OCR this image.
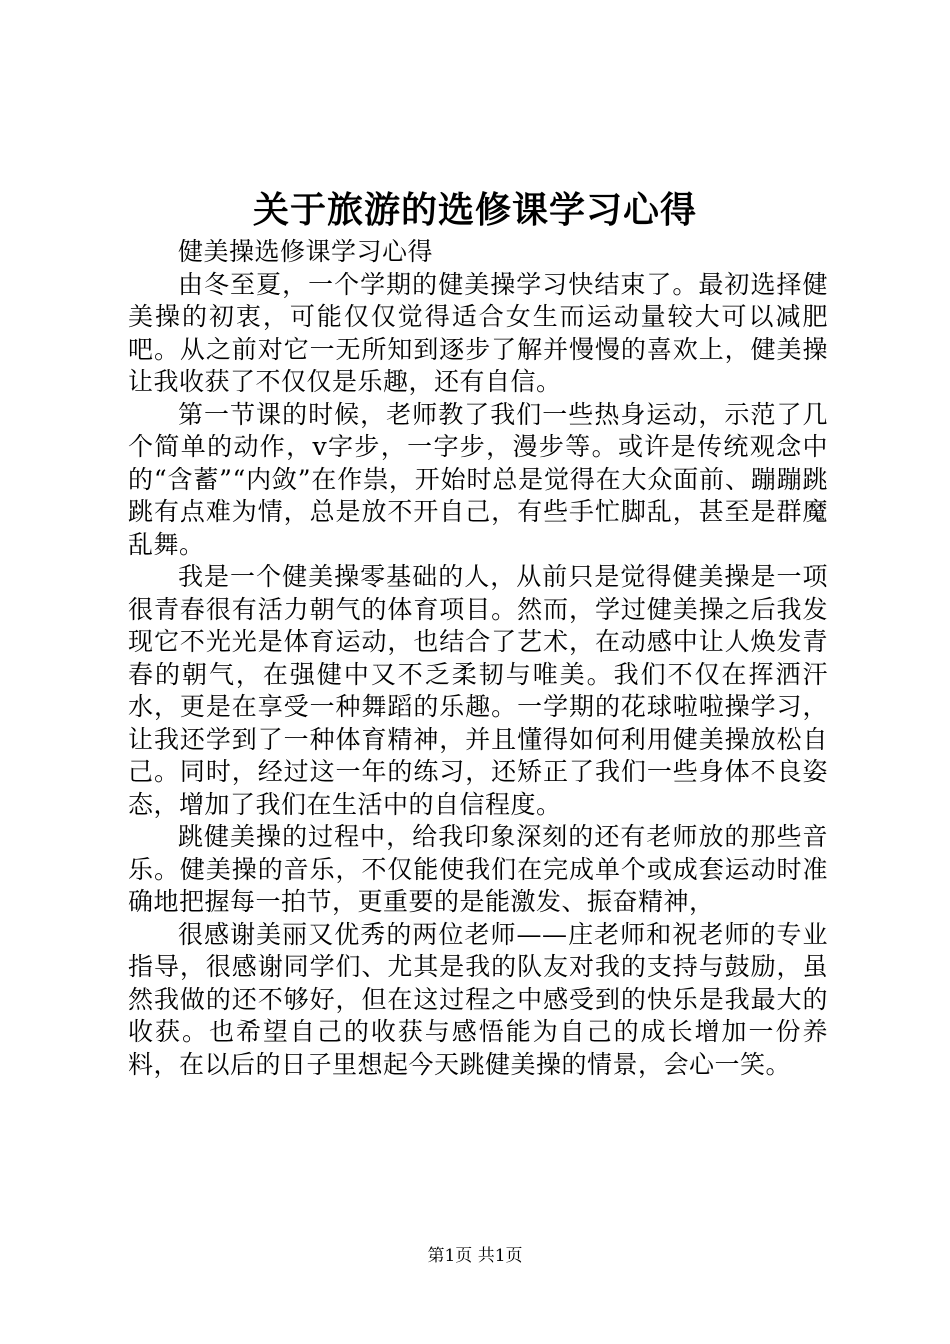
关于旅游的选修课学习心得

健美操选修课学习心得

由冬至夏，一个学期的健美操学习快结束了。最初选择健美操的初衷，可能仅仅觉得适合女生而运动量较大可以减肥吧。从之前对它一无所知到逐步了解并慢慢的喜欢上，健美操让我收获了不仅仅是乐趣，还有自信。

第一节课的时候，老师教了我们一些热身运动，示范了几个简单的动作，v字步，一字步，漫步等。或许是传统观念中的“含蓄”“内敛”在作祟，开始时总是觉得在大众面前、蹦蹦跳跳有点难为情，总是放不开自己，有些手忙脚乱，甚至是群魔乱舞。

我是一个健美操零基础的人，从前只是觉得健美操是一项很青春很有活力朝气的体育项目。然而，学过健美操之后我发现它不光光是体育运动，也结合了艺术，在动感中让人焕发青春的朝气，在强健中又不乏柔韧与唯美。我们不仅在挥洒汗水，更是在享受一种舞蹈的乐趣。一学期的花球啦啦操学习，让我还学到了一种体育精神，并且懂得如何利用健美操放松自己。同时，经过这一年的练习，还矫正了我们一些身体不良姿态，增加了我们在生活中的自信程度。

跳健美操的过程中，给我印象深刻的还有老师放的那些音乐。健美操的音乐，不仅能使我们在完成单个或成套运动时准确地把握每一拍节，更重要的是能激发、振奋精神，

很感谢美丽又优秀的两位老师——庄老师和祝老师的专业指导，很感谢同学们、尤其是我的队友对我的支持与鼓励，虽然我做的还不够好，但在这过程之中感受到的快乐是我最大的收获。也希望自己的收获与感悟能为自己的成长增加一份养料，在以后的日子里想起今天跳健美操的情景，会心一笑。

第1页 共1页
